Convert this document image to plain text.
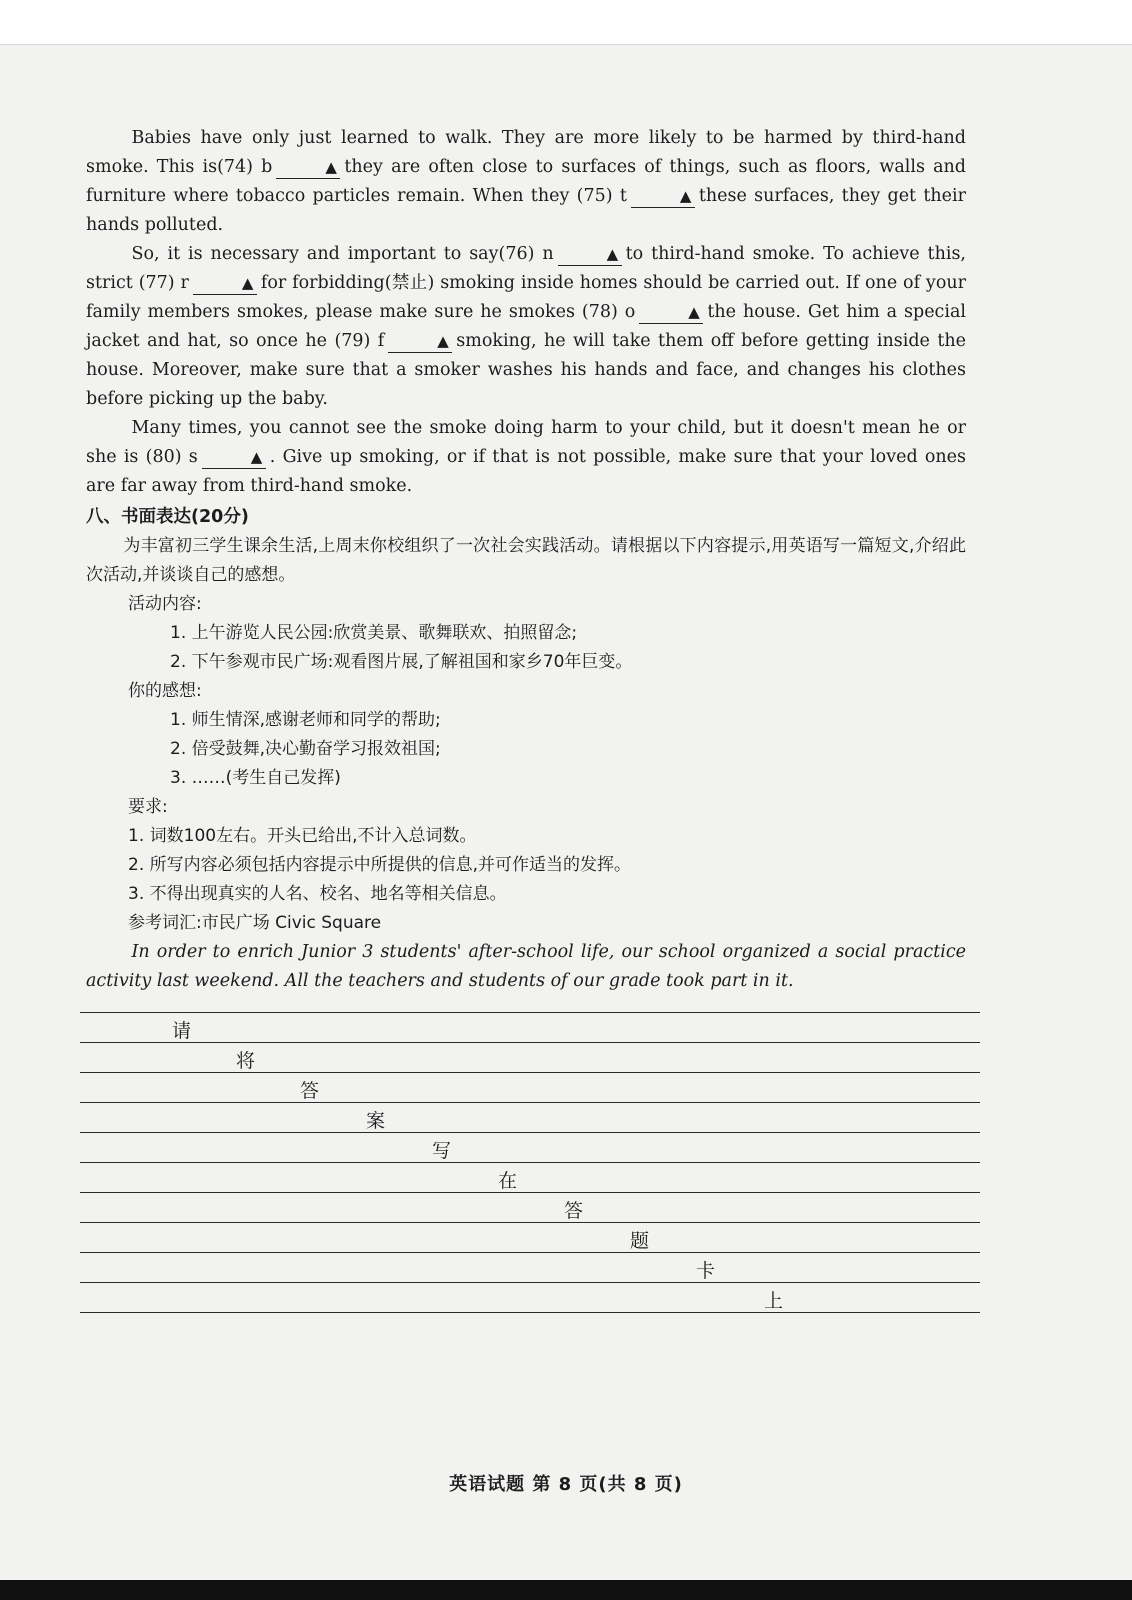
Babies have only just learned to walk. They are more likely to be harmed by third-hand smoke. This is(74) b	▲ they are often close to surfaces of things, such as floors, walls and furniture where tobacco particles remain. When they (75) t	▲ these surfaces, they get their hands polluted.

So, it is necessary and important to say(76) n	▲ to third-hand smoke. To achieve this, strict (77) r	▲ for forbidding(禁止) smoking inside homes should be carried out. If one of your family members smokes, please make sure he smokes (78) o	▲ the house. Get him a special jacket and hat, so once he (79) f	▲ smoking, he will take them off before getting inside the house. Moreover, make sure that a smoker washes his hands and face, and changes his clothes before picking up the baby.

Many times, you cannot see the smoke doing harm to your child, but it doesn't mean he or she is (80) s	▲ . Give up smoking, or if that is not possible, make sure that your loved ones are far away from third-hand smoke.

八、书面表达(20分)

为丰富初三学生课余生活,上周末你校组织了一次社会实践活动。请根据以下内容提示,用英语写一篇短文,介绍此次活动,并谈谈自己的感想。

活动内容:

1. 上午游览人民公园:欣赏美景、歌舞联欢、拍照留念;

2. 下午参观市民广场:观看图片展,了解祖国和家乡70年巨变。

你的感想:

1. 师生情深,感谢老师和同学的帮助;

2. 倍受鼓舞,决心勤奋学习报效祖国;

3. ……(考生自己发挥)

要求:

1. 词数100左右。开头已给出,不计入总词数。

2. 所写内容必须包括内容提示中所提供的信息,并可作适当的发挥。

3. 不得出现真实的人名、校名、地名等相关信息。

参考词汇:市民广场 Civic Square

In order to enrich Junior 3 students' after-school life, our school organized a social practice activity last weekend. All the teachers and students of our grade took part in it.

请
将
答
案
写
在
答
题
卡
上
英语试题 第 8 页(共 8 页)
